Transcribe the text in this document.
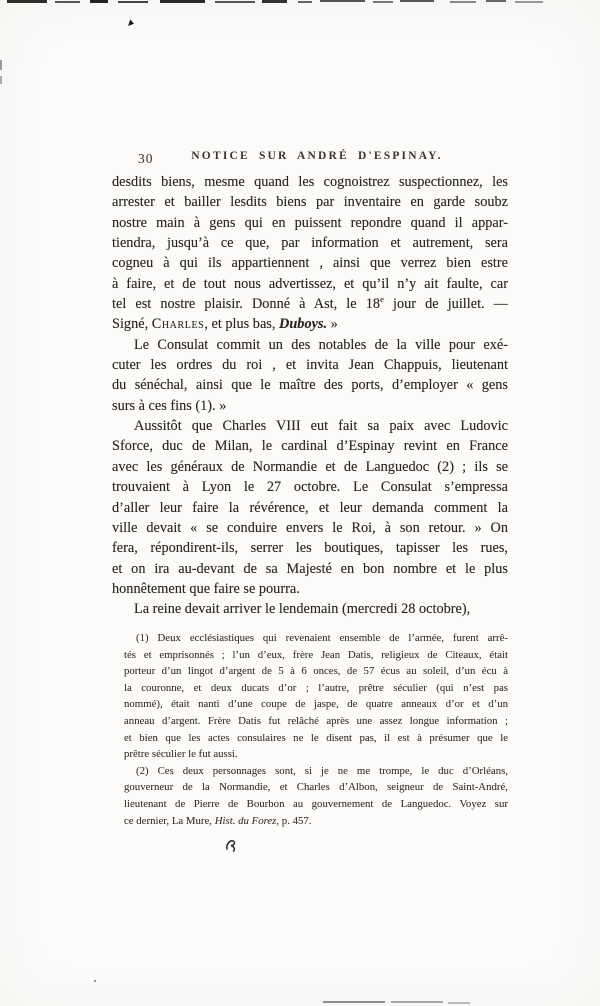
30	NOTICE SUR ANDRÉ D'ESPINAY.
desdits biens, mesme quand les cognoistrez suspectionnez, les
arrester et bailler lesdits biens par inventaire en garde soubz
nostre main à gens qui en puissent repondre quand il appar-
tiendra, jusqu’à ce que, par information et autrement, sera
cogneu à qui ils appartiennent , ainsi que verrez bien estre
à faire, et de tout nous advertissez, et qu’il n’y ait faulte, car
tel est nostre plaisir. Donné à Ast, le 18e jour de juillet. —
Signé, Charles, et plus bas, Duboys. »
Le Consulat commit un des notables de la ville pour exé-
cuter les ordres du roi , et invita Jean Chappuis, lieutenant
du sénéchal, ainsi que le maître des ports, d’employer « gens
surs à ces fins (1). »
Aussitôt que Charles VIII eut fait sa paix avec Ludovic
Sforce, duc de Milan, le cardinal d’Espinay revint en France
avec les généraux de Normandie et de Languedoc (2) ; ils se
trouvaient à Lyon le 27 octobre. Le Consulat s’empressa
d’aller leur faire la révérence, et leur demanda comment la
ville devait « se conduire envers le Roi, à son retour. » On
fera, répondirent-ils, serrer les boutiques, tapisser les rues,
et on ira au-devant de sa Majesté en bon nombre et le plus
honnêtement que faire se pourra.
La reine devait arriver le lendemain (mercredi 28 octobre),
(1) Deux ecclésiastiques qui revenaient ensemble de l’armée, furent arrê-
tés et emprisonnés ; l’un d’eux, frère Jean Datis, religieux de Citeaux, était
porteur d’un lingot d’argent de 5 à 6 onces, de 57 écus au soleil, d’un écu à
la couronne, et deux ducats d’or ; l’autre, prêtre séculier (qui n’est pas
nommé), était nanti d’une coupe de jaspe, de quatre anneaux d’or et d’un
anneau d’argent. Frère Datis fut relâché après une assez longue information ;
et bien que les actes consulaires ne le disent pas, il est à présumer que le
prêtre séculier le fut aussi.
(2) Ces deux personnages sont, si je ne me trompe, le duc d’Orléans,
gouverneur de la Normandie, et Charles d’Albon, seigneur de Saint-André,
lieutenant de Pierre de Bourbon au gouvernement de Languedoc. Voyez sur
ce dernier, La Mure, Hist. du Forez, p. 457.
